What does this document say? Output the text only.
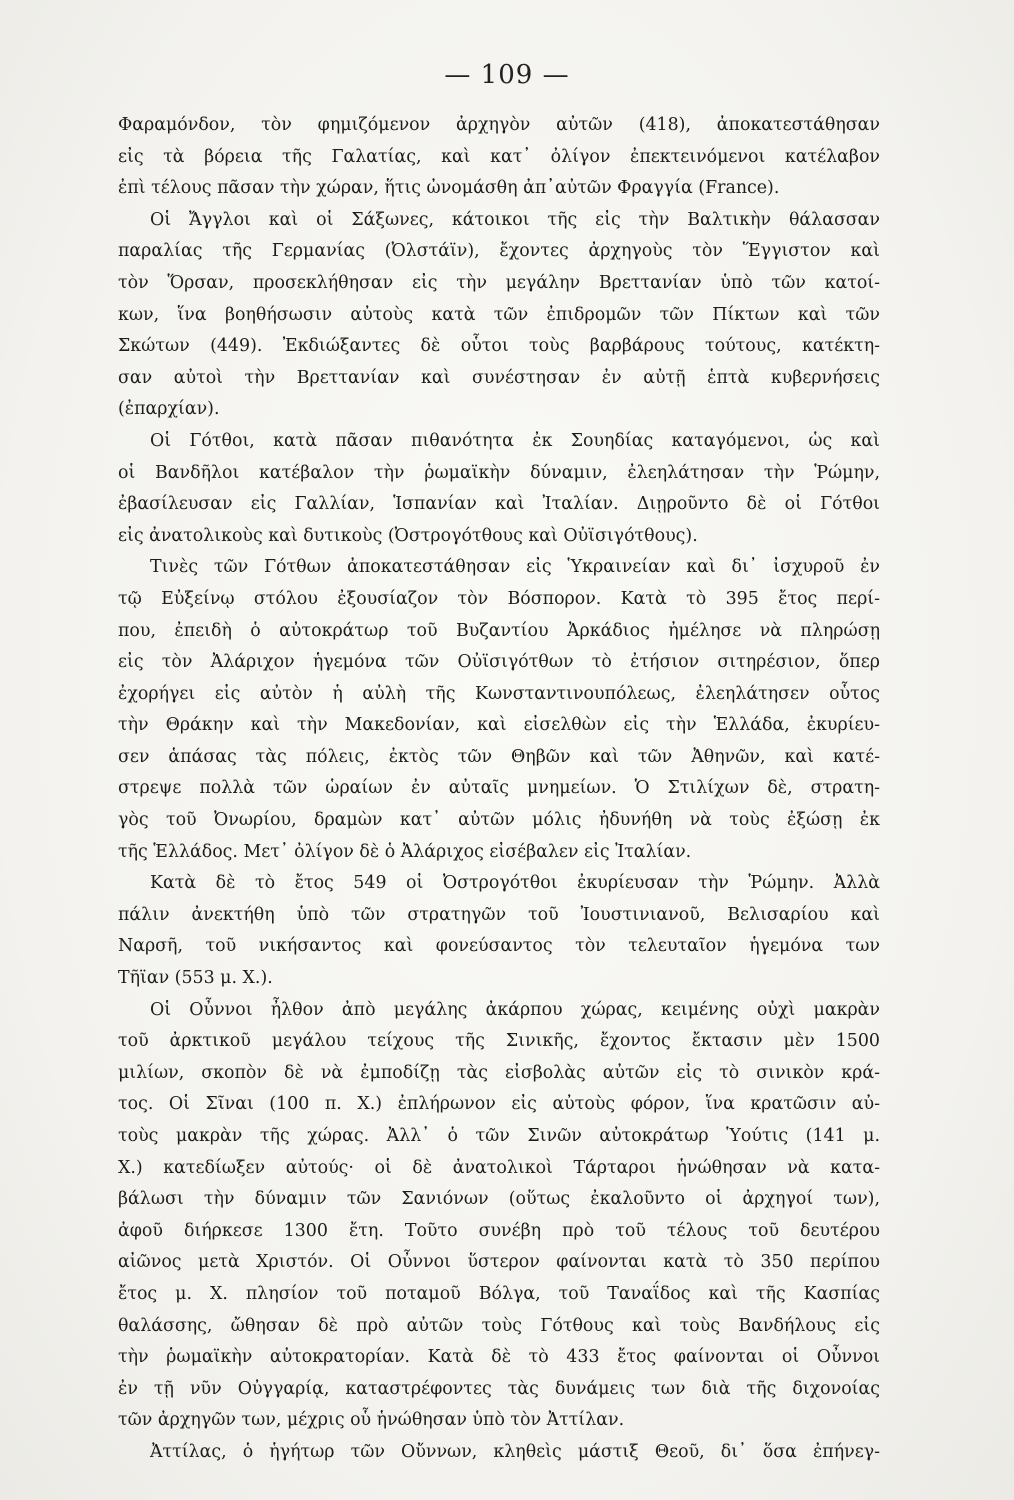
— 109 —
Φαραμόνδον, τὸν φημιζόμενον ἀρχηγὸν αὐτῶν (418), ἀποκατεστάθησαν
εἰς τὰ βόρεια τῆς Γαλατίας, καὶ κατ᾽ ὀλίγον ἐπεκτεινόμενοι κατέλαβον
ἐπὶ τέλους πᾶσαν τὴν χώραν, ἥτις ὠνομάσθη ἀπ᾽αὐτῶν Φραγγία (France).
Οἱ Ἄγγλοι καὶ οἱ Σάξωνες, κάτοικοι τῆς εἰς τὴν Βαλτικὴν θάλασσαν
παραλίας τῆς Γερμανίας (Ὀλστάϊν), ἔχοντες ἀρχηγοὺς τὸν Ἕγγιστον καὶ
τὸν Ὅρσαν, προσεκλήθησαν εἰς τὴν μεγάλην Βρεττανίαν ὑπὸ τῶν κατοί-
κων, ἵνα βοηθήσωσιν αὐτοὺς κατὰ τῶν ἐπιδρομῶν τῶν Πίκτων καὶ τῶν
Σκώτων (449). Ἐκδιώξαντες δὲ οὗτοι τοὺς βαρβάρους τούτους, κατέκτη-
σαν αὐτοὶ τὴν Βρεττανίαν καὶ συνέστησαν ἐν αὐτῇ ἑπτὰ κυβερνήσεις
(ἐπαρχίαν).
Οἱ Γότθοι, κατὰ πᾶσαν πιθανότητα ἐκ Σουηδίας καταγόμενοι, ὡς καὶ
οἱ Βανδῆλοι κατέβαλον τὴν ῥωμαϊκὴν δύναμιν, ἐλεηλάτησαν τὴν Ῥώμην,
ἐβασίλευσαν εἰς Γαλλίαν, Ἱσπανίαν καὶ Ἰταλίαν. Διῃροῦντο δὲ οἱ Γότθοι
εἰς ἀνατολικοὺς καὶ δυτικοὺς (Ὀστρογότθους καὶ Οὐϊσιγότθους).
Τινὲς τῶν Γότθων ἀποκατεστάθησαν εἰς Ὑκραινείαν καὶ δι᾽ ἰσχυροῦ ἐν
τῷ Εὐξείνῳ στόλου ἐξουσίαζον τὸν Βόσπορον. Κατὰ τὸ 395 ἔτος περί-
που, ἐπειδὴ ὁ αὐτοκράτωρ τοῦ Βυζαντίου Ἀρκάδιος ἠμέλησε νὰ πληρώσῃ
εἰς τὸν Ἀλάριχον ἡγεμόνα τῶν Οὐϊσιγότθων τὸ ἐτήσιον σιτηρέσιον, ὅπερ
ἐχορήγει εἰς αὐτὸν ἡ αὐλὴ τῆς Κωνσταντινουπόλεως, ἐλεηλάτησεν οὗτος
τὴν Θράκην καὶ τὴν Μακεδονίαν, καὶ εἰσελθὼν εἰς τὴν Ἑλλάδα, ἐκυρίευ-
σεν ἁπάσας τὰς πόλεις, ἐκτὸς τῶν Θηβῶν καὶ τῶν Ἀθηνῶν, καὶ κατέ-
στρεψε πολλὰ τῶν ὡραίων ἐν αὐταῖς μνημείων. Ὁ Στιλίχων δὲ, στρατη-
γὸς τοῦ Ὀνωρίου, δραμὼν κατ᾽ αὐτῶν μόλις ἠδυνήθη νὰ τοὺς ἐξώσῃ ἐκ
τῆς Ἑλλάδος. Μετ᾽ ὀλίγον δὲ ὁ Ἀλάριχος εἰσέβαλεν εἰς Ἰταλίαν.
Κατὰ δὲ τὸ ἔτος 549 οἱ Ὀστρογότθοι ἐκυρίευσαν τὴν Ῥώμην. Ἀλλὰ
πάλιν ἀνεκτήθη ὑπὸ τῶν στρατηγῶν τοῦ Ἰουστινιανοῦ, Βελισαρίου καὶ
Ναρσῆ, τοῦ νικήσαντος καὶ φονεύσαντος τὸν τελευταῖον ἡγεμόνα των
Τῆϊαν (553 μ. Χ.).
Οἱ Οὖννοι ἦλθον ἀπὸ μεγάλης ἀκάρπου χώρας, κειμένης οὐχὶ μακρὰν
τοῦ ἀρκτικοῦ μεγάλου τείχους τῆς Σινικῆς, ἔχοντος ἔκτασιν μὲν 1500
μιλίων, σκοπὸν δὲ νὰ ἐμποδίζῃ τὰς εἰσβολὰς αὐτῶν εἰς τὸ σινικὸν κρά-
τος. Οἱ Σῖναι (100 π. Χ.) ἐπλήρωνον εἰς αὐτοὺς φόρον, ἵνα κρατῶσιν αὐ-
τοὺς μακρὰν τῆς χώρας. Ἀλλ᾽ ὁ τῶν Σινῶν αὐτοκράτωρ Ὑούτις (141 μ.
Χ.) κατεδίωξεν αὐτούς· οἱ δὲ ἀνατολικοὶ Τάρταροι ἡνώθησαν νὰ κατα-
βάλωσι τὴν δύναμιν τῶν Σανιόνων (οὕτως ἐκαλοῦντο οἱ ἀρχηγοί των),
ἀφοῦ διήρκεσε 1300 ἔτη. Τοῦτο συνέβη πρὸ τοῦ τέλους τοῦ δευτέρου
αἰῶνος μετὰ Χριστόν. Οἱ Οὖννοι ὕστερον φαίνονται κατὰ τὸ 350 περίπου
ἔτος μ. Χ. πλησίον τοῦ ποταμοῦ Βόλγα, τοῦ Ταναΐδος καὶ τῆς Κασπίας
θαλάσσης, ὤθησαν δὲ πρὸ αὐτῶν τοὺς Γότθους καὶ τοὺς Βανδήλους εἰς
τὴν ῥωμαϊκὴν αὐτοκρατορίαν. Κατὰ δὲ τὸ 433 ἔτος φαίνονται οἱ Οὖννοι
ἐν τῇ νῦν Οὐγγαρίᾳ, καταστρέφοντες τὰς δυνάμεις των διὰ τῆς διχονοίας
τῶν ἀρχηγῶν των, μέχρις οὗ ἡνώθησαν ὑπὸ τὸν Ἀττίλαν.
Ἀττίλας, ὁ ἡγήτωρ τῶν Οὔννων, κληθεὶς μάστιξ Θεοῦ, δι᾽ ὅσα ἐπήνεγ-
